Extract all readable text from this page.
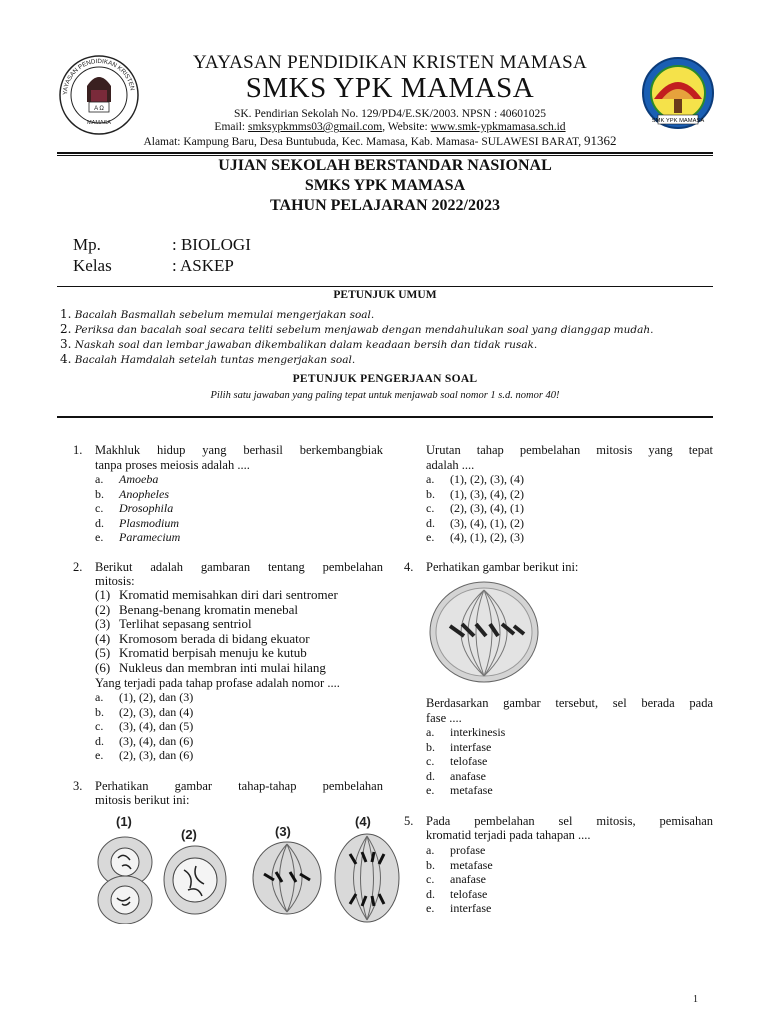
YAYASAN PENDIDIKAN KRISTEN
A Ω
MAMASA	SMK YPK MAMASA
YAYASAN PENDIDIKAN KRISTEN MAMASA
SMKS YPK MAMASA
SK. Pendirian Sekolah No. 129/PD4/E.SK/2003. NPSN : 40601025
Email: smksypkmms03@gmail.com, Website: www.smk-ypkmamasa.sch.id
Alamat: Kampung Baru, Desa Buntubuda, Kec. Mamasa, Kab. Mamasa- SULAWESI BARAT, 91362
UJIAN SEKOLAH BERSTANDAR NASIONAL
SMKS YPK MAMASA
TAHUN PELAJARAN 2022/2023
Mp.	: BIOLOGI
Kelas	: ASKEP
PETUNJUK UMUM
1. Bacalah Basmallah sebelum memulai mengerjakan soal.
2. Periksa dan bacalah soal secara teliti sebelum menjawab dengan mendahulukan soal yang dianggap mudah.
3. Naskah soal dan lembar jawaban dikembalikan dalam keadaan bersih dan tidak rusak.
4. Bacalah Hamdalah setelah tuntas mengerjakan soal.
PETUNJUK PENGERJAAN SOAL
Pilih satu jawaban yang paling tepat untuk menjawab soal nomor 1 s.d. nomor 40!
1. Makhluk hidup yang berhasil berkembangbiak
tanpa proses meiosis adalah ....
a. Amoeba
b. Anopheles
c. Drosophila
d. Plasmodium
e. Paramecium
2. Berikut adalah gambaran tentang pembelahan
mitosis:
(1) Kromatid memisahkan diri dari sentromer
(2) Benang-benang kromatin menebal
(3) Terlihat sepasang sentriol
(4) Kromosom berada di bidang ekuator
(5) Kromatid berpisah menuju ke kutub
(6) Nukleus dan membran inti mulai hilang
Yang terjadi pada tahap profase adalah nomor ....
a. (1), (2), dan (3)
b. (2), (3), dan (4)
c. (3), (4), dan (5)
d. (3), (4), dan (6)
e. (2), (3), dan (6)
3. Perhatikan gambar tahap-tahap pembelahan
mitosis berikut ini:
(1)
(2)	(3)
(4)
Urutan tahap pembelahan mitosis yang tepat
adalah ....
a. (1), (2), (3), (4)
b. (1), (3), (4), (2)
c. (2), (3), (4), (1)
d. (3), (4), (1), (2)
e. (4), (1), (2), (3)
4. Perhatikan gambar berikut ini:
Berdasarkan gambar tersebut, sel berada pada
fase ....
a. interkinesis
b. interfase
c. telofase
d. anafase
e. metafase
5. Pada pembelahan sel mitosis, pemisahan
kromatid terjadi pada tahapan ....
a. profase
b. metafase
c. anafase
d. telofase
e. interfase
1
